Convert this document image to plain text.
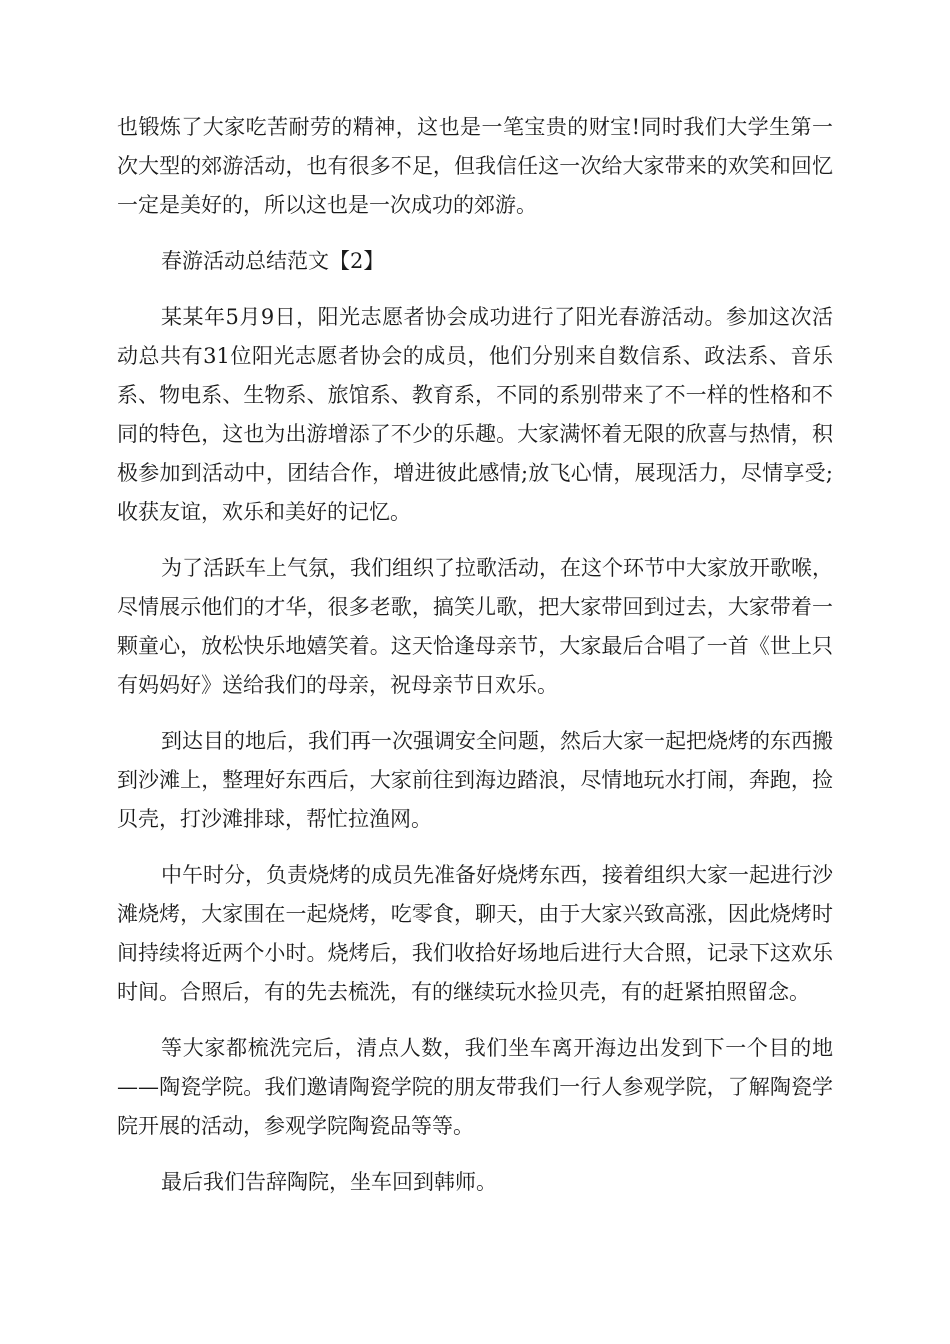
也锻炼了大家吃苦耐劳的精神，这也是一笔宝贵的财宝!同时我们大学生第一次大型的郊游活动，也有很多不足，但我信任这一次给大家带来的欢笑和回忆一定是美好的，所以这也是一次成功的郊游。

春游活动总结范文【2】

某某年5月9日，阳光志愿者协会成功进行了阳光春游活动。参加这次活动总共有31位阳光志愿者协会的成员，他们分别来自数信系、政法系、音乐系、物电系、生物系、旅馆系、教育系，不同的系别带来了不一样的性格和不同的特色，这也为出游增添了不少的乐趣。大家满怀着无限的欣喜与热情，积极参加到活动中，团结合作，增进彼此感情;放飞心情，展现活力，尽情享受;收获友谊，欢乐和美好的记忆。

为了活跃车上气氛，我们组织了拉歌活动，在这个环节中大家放开歌喉，尽情展示他们的才华，很多老歌，搞笑儿歌，把大家带回到过去，大家带着一颗童心，放松快乐地嬉笑着。这天恰逢母亲节，大家最后合唱了一首《世上只有妈妈好》送给我们的母亲，祝母亲节日欢乐。

到达目的地后，我们再一次强调安全问题，然后大家一起把烧烤的东西搬到沙滩上，整理好东西后，大家前往到海边踏浪，尽情地玩水打闹，奔跑，捡贝壳，打沙滩排球，帮忙拉渔网。

中午时分，负责烧烤的成员先准备好烧烤东西，接着组织大家一起进行沙滩烧烤，大家围在一起烧烤，吃零食，聊天，由于大家兴致高涨，因此烧烤时间持续将近两个小时。烧烤后，我们收拾好场地后进行大合照，记录下这欢乐时间。合照后，有的先去梳洗，有的继续玩水捡贝壳，有的赶紧拍照留念。

等大家都梳洗完后，清点人数，我们坐车离开海边出发到下一个目的地——陶瓷学院。我们邀请陶瓷学院的朋友带我们一行人参观学院，了解陶瓷学院开展的活动，参观学院陶瓷品等等。

最后我们告辞陶院，坐车回到韩师。
